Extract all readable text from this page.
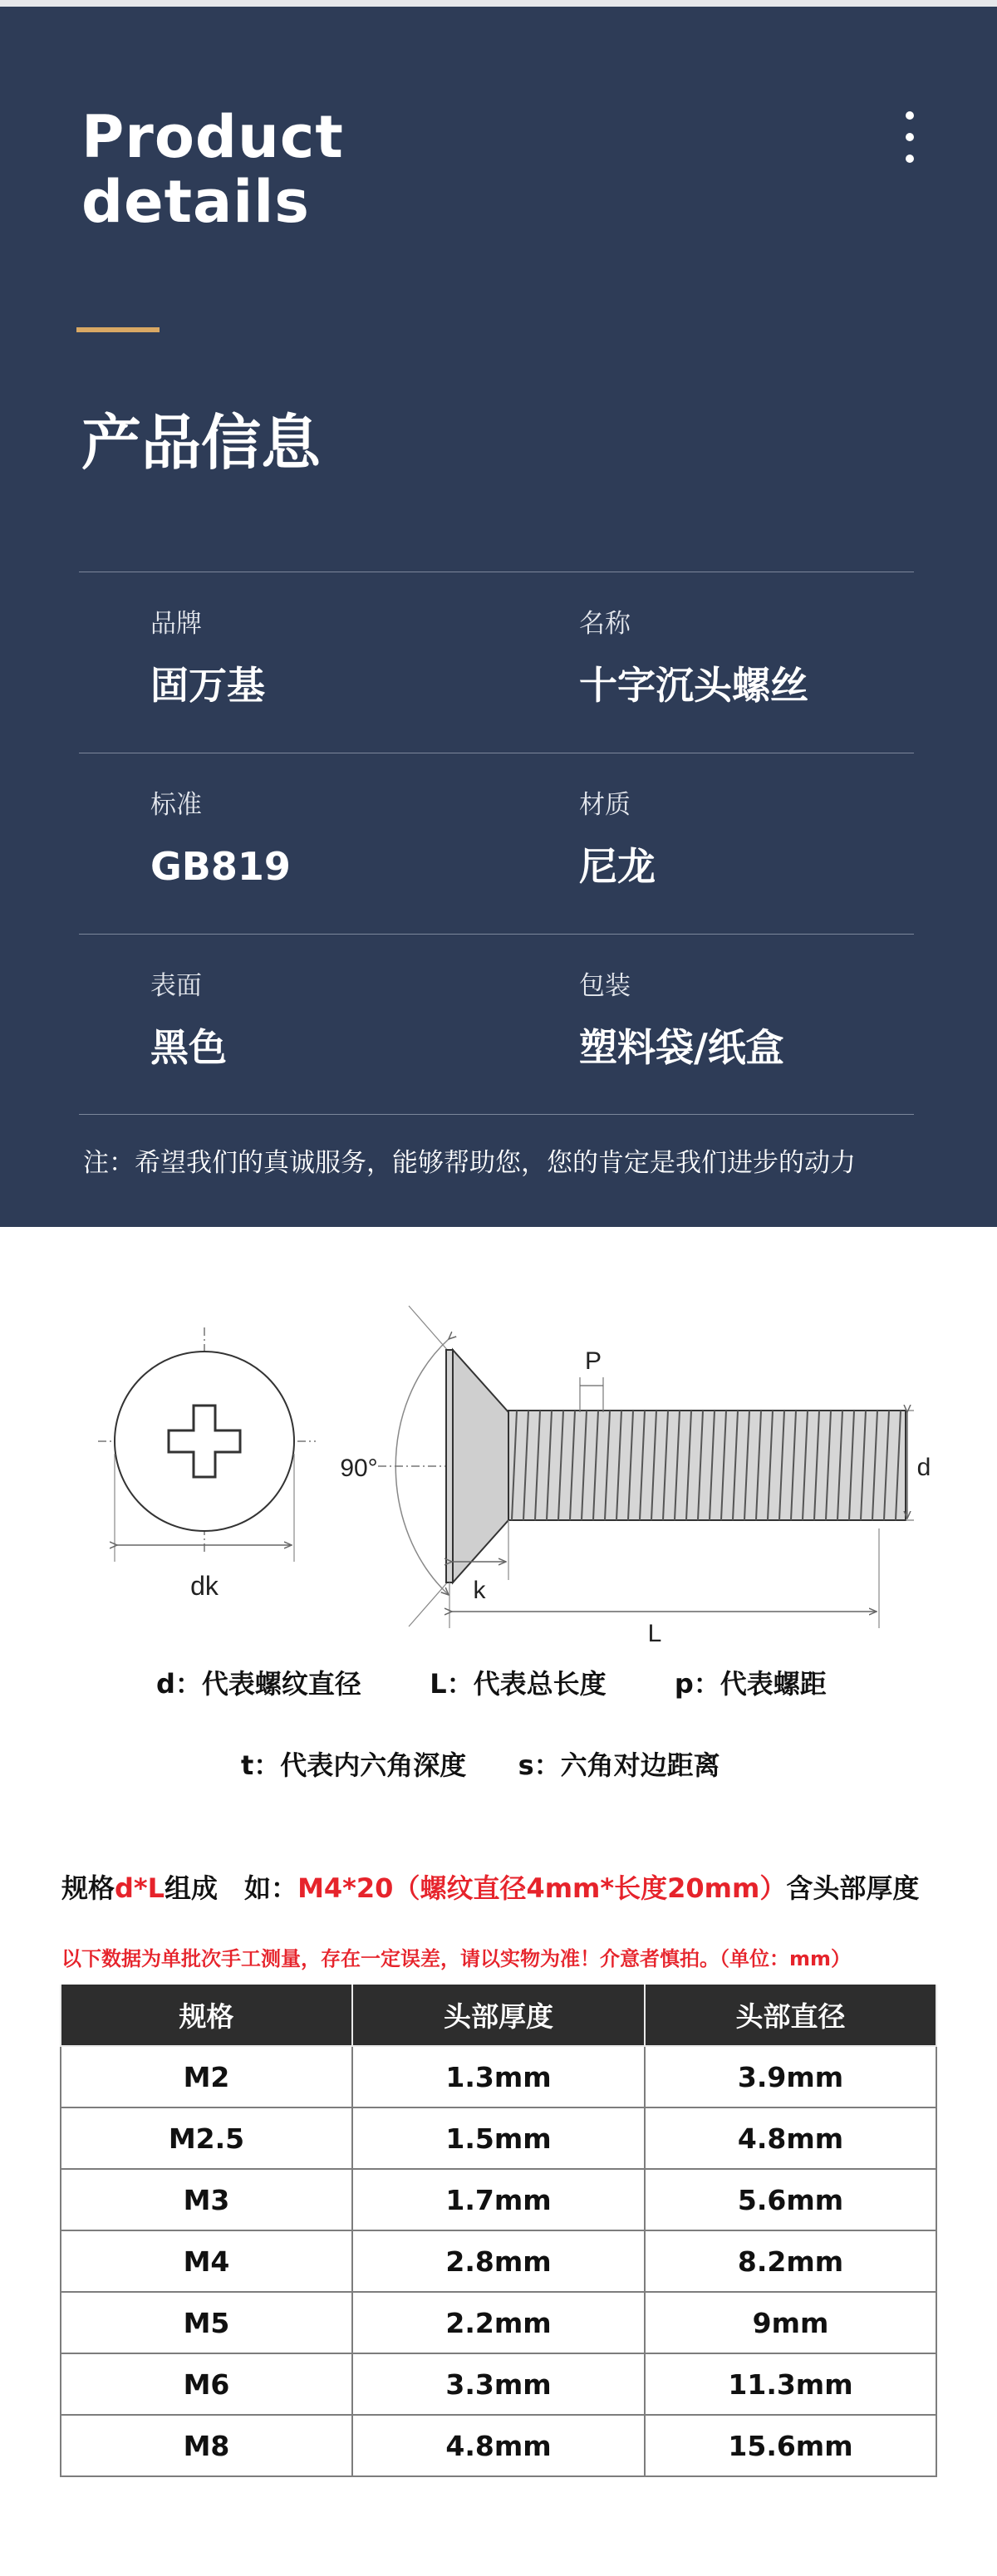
Product
details
产品信息
品牌
固万基
名称
十字沉头螺丝
标准
GB819
材质
尼龙
表面
黑色
包装
塑料袋/纸盒
注：希望我们的真诚服务，能够帮助您，您的肯定是我们进步的动力
dk
90°
P
d
k
L
d：代表螺纹直径	L：代表总长度	p：代表螺距
t：代表内六角深度 s：六角对边距离
规格d*L组成　如：M4*20（螺纹直径4mm*长度20mm）含头部厚度
以下数据为单批次手工测量，存在一定误差，请以实物为准！介意者慎拍。（单位：mm）
规格	头部厚度	头部直径
M2	1.3mm	3.9mm
M2.5	1.5mm	4.8mm
M3	1.7mm	5.6mm
M4	2.8mm	8.2mm
M5	2.2mm	9mm
M6	3.3mm	11.3mm
M8	4.8mm	15.6mm
